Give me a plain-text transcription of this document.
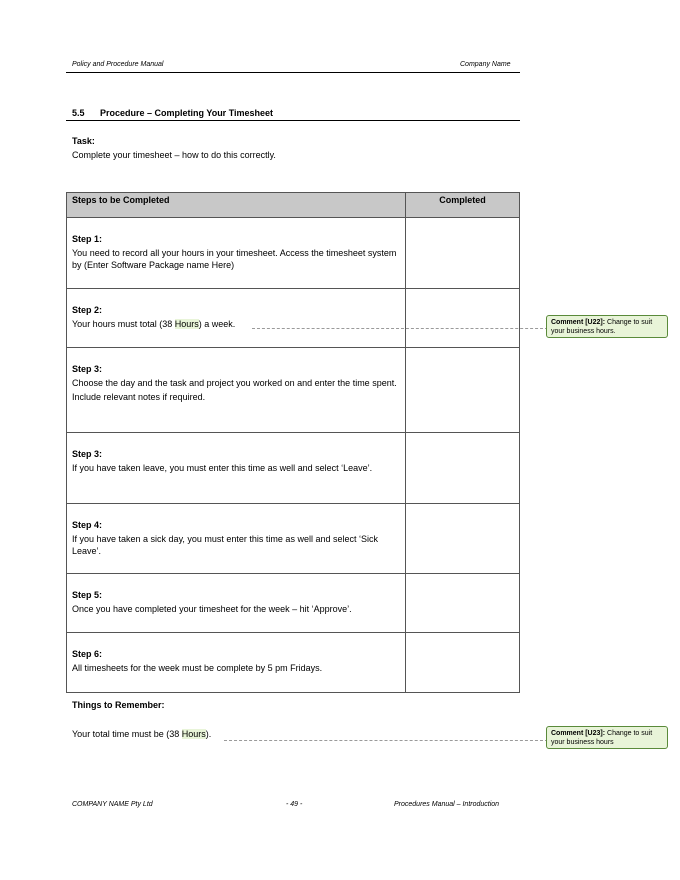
Policy and Procedure Manual	Company Name
5.5 Procedure – Completing Your Timesheet
Task:
Complete your timesheet – how to do this correctly.
Steps to be Completed	Completed

Step 1:
You need to record all your hours in your timesheet. Access the timesheet system by (Enter Software Package name Here)	

Step 2:
Your hours must total (38 Hours) a week.	

Step 3:
Choose the day and the task and project you worked on and enter the time spent.
Include relevant notes if required.	

Step 3:
If you have taken leave, you must enter this time as well and select ‘Leave’.	

Step 4:
If you have taken a sick day, you must enter this time as well and select ‘Sick Leave’.	

Step 5:
Once you have completed your timesheet for the week – hit ‘Approve’.	

Step 6:
All timesheets for the week must be complete by 5 pm Fridays.	

Comment [U22]: Change to suit your business hours.
Things to Remember:
Your total time must be (38 Hours).	Comment [U23]: Change to suit your business hours
COMPANY NAME Pty Ltd	- 49 -	Procedures Manual – Introduction
